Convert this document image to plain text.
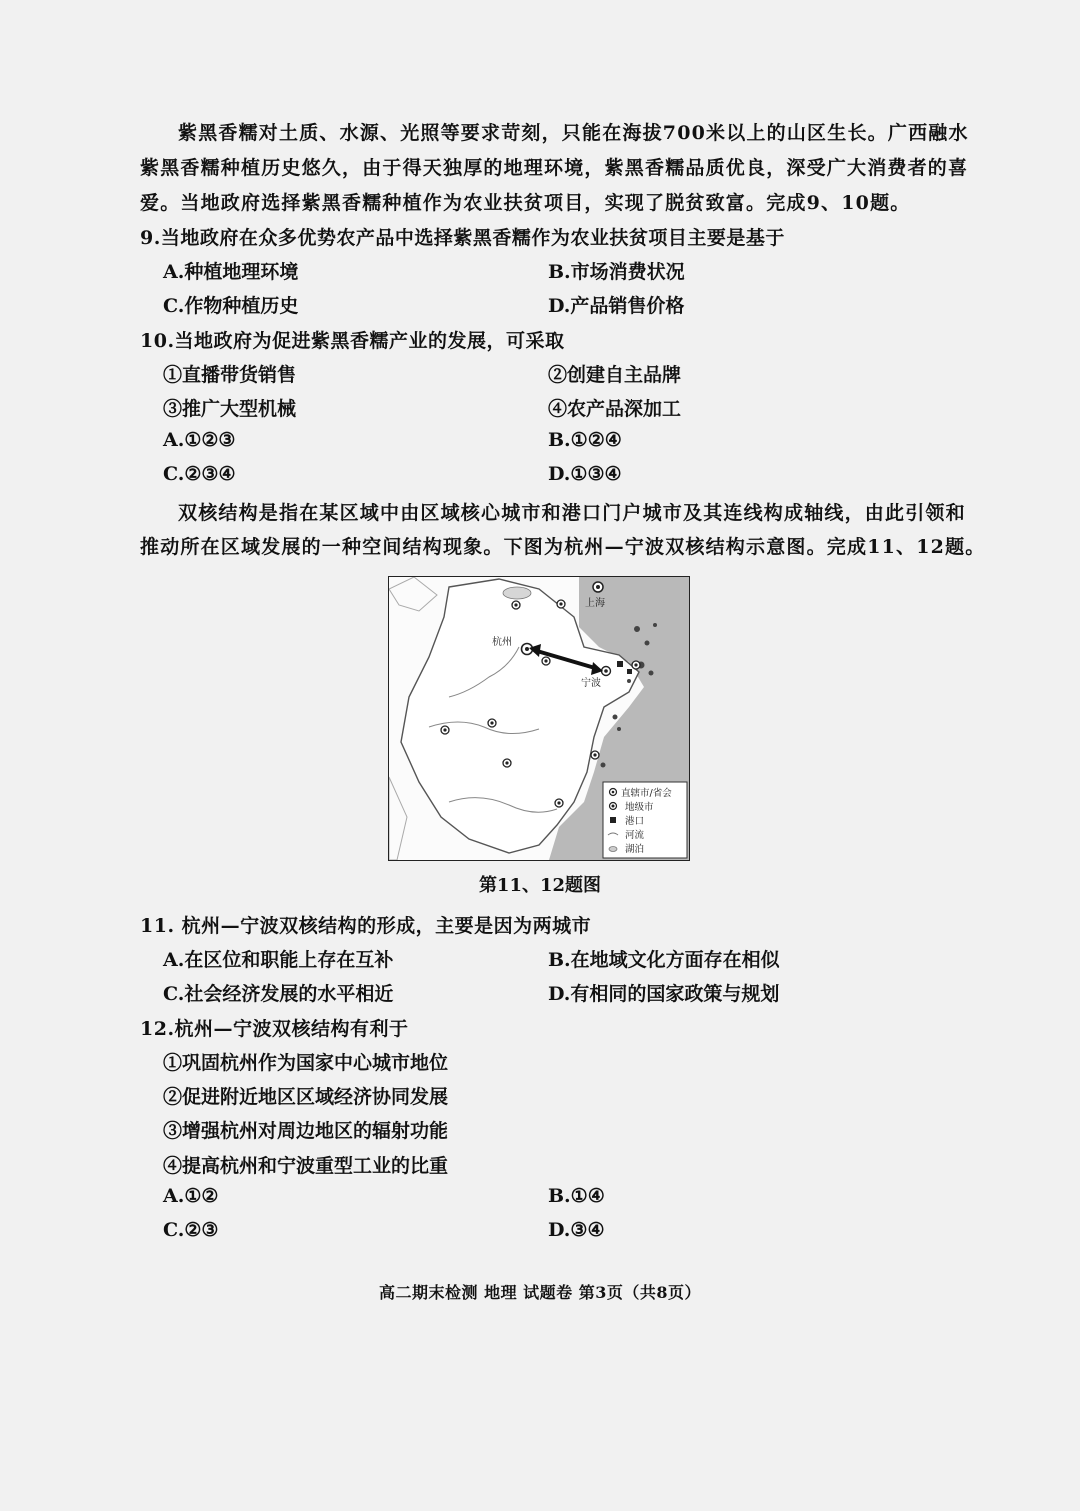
紫黑香糯对土质、水源、光照等要求苛刻，只能在海拔700米以上的山区生长。广西融水
紫黑香糯种植历史悠久，由于得天独厚的地理环境，紫黑香糯品质优良，深受广大消费者的喜
爱。当地政府选择紫黑香糯种植作为农业扶贫项目，实现了脱贫致富。完成9、10题。
9.当地政府在众多优势农产品中选择紫黑香糯作为农业扶贫项目主要是基于
A.种植地理环境	B.市场消费状况
C.作物种植历史	D.产品销售价格
10.当地政府为促进紫黑香糯产业的发展，可采取
①直播带货销售	②创建自主品牌
③推广大型机械	④农产品深加工
A.①②③	B.①②④
C.②③④	D.①③④
双核结构是指在某区域中由区域核心城市和港口门户城市及其连线构成轴线，由此引领和
推动所在区域发展的一种空间结构现象。下图为杭州—宁波双核结构示意图。完成11、12题。
上海
杭州
宁波
直辖市/省会
地级市
港口
河流
湖泊
第11、12题图
11. 杭州—宁波双核结构的形成，主要是因为两城市
A.在区位和职能上存在互补	B.在地域文化方面存在相似
C.社会经济发展的水平相近	D.有相同的国家政策与规划
12.杭州—宁波双核结构有利于
①巩固杭州作为国家中心城市地位
②促进附近地区区域经济协同发展
③增强杭州对周边地区的辐射功能
④提高杭州和宁波重型工业的比重
A.①②	B.①④
C.②③	D.③④
高二期末检测 地理 试题卷 第3页（共8页）
